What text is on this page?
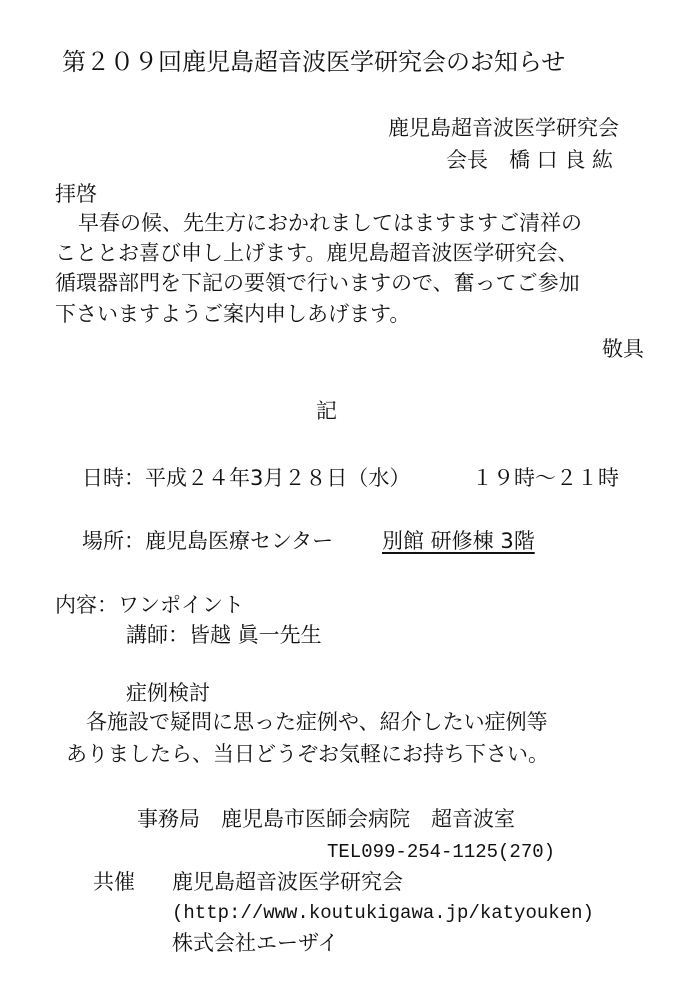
第２０９回鹿児島超音波医学研究会のお知らせ
鹿児島超音波医学研究会
会長　橋 口 良 紘
拝啓
早春の候、先生方におかれましてはますますご清祥の
こととお喜び申し上げます。鹿児島超音波医学研究会、
循環器部門を下記の要領で行いますので、奮ってご参加
下さいますようご案内申しあげます。
敬具
記
日時：平成２４年3月２８日（水）	１９時〜２１時
場所：鹿児島医療センター 別館 研修棟 3階
内容：ワンポイント
講師：皆越 眞一先生
症例検討
各施設で疑問に思った症例や、紹介したい症例等
ありましたら、当日どうぞお気軽にお持ち下さい。
事務局　鹿児島市医師会病院　超音波室
TEL099-254-1125(270)
共催 鹿児島超音波医学研究会
(http://www.koutukigawa.jp/katyouken)
株式会社エーザイ
